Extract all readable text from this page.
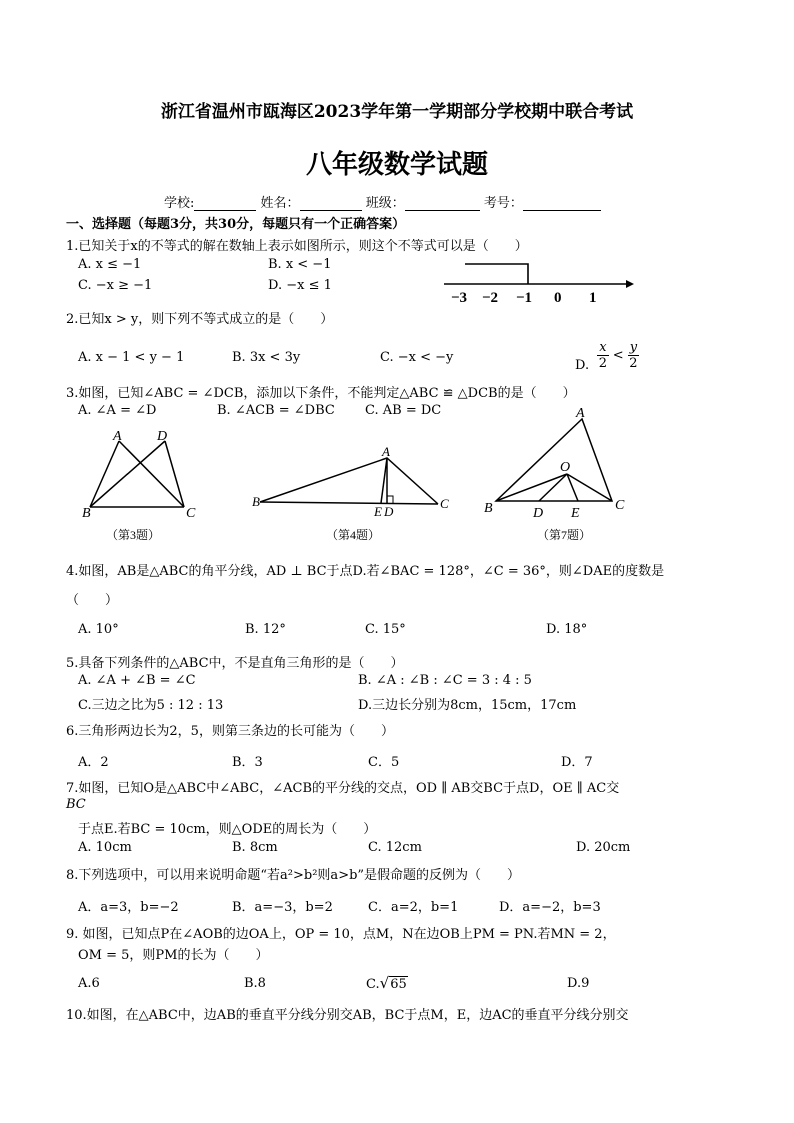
浙江省温州市瓯海区2023学年第一学期部分学校期中联合考试
八年级数学试题
学校:	姓名：	班级：	考号：
一、选择题（每题3分，共30分，每题只有一个正确答案）
1.已知关于x的不等式的解在数轴上表示如图所示，则这个不等式可以是（　　）
A. x ≤ −1	B. x < −1
C. −x ≥ −1	D. −x ≤ 1
−3 −2 −1 0 1
2.已知x > y，则下列不等式成立的是（　　）
A. x − 1 < y − 1	B. 3x < 3y	C. −x < −y
D. $\frac{x}{2} < \frac{y}{2}$
3.如图，已知∠ABC = ∠DCB，添加以下条件，不能判定△ABC ≌ △DCB的是（　　）
A. ∠A = ∠D	B. ∠ACB = ∠DBC C. AB = DC
A	D
B	C
（第3题）
A
B	C
E D
（第4题）
A
O
B	D E
C
（第7题）
4.如图，AB是△ABC的角平分线，AD ⊥ BC于点D.若∠BAC = 128°，∠C = 36°，则∠DAE的度数是
（　　）
A. 10°	B. 12°	C. 15°	D. 18°
5.具备下列条件的△ABC中，不是直角三角形的是（　　）
A. ∠A + ∠B = ∠C	B. ∠A : ∠B : ∠C = 3 : 4 : 5
C.三边之比为5 : 12 : 13	D.三边长分别为8cm，15cm，17cm
6.三角形两边长为2，5，则第三条边的长可能为（　　）
A．2	B．3	C．5	D．7
7.如图，已知O是△ABC中∠ABC，∠ACB的平分线的交点，OD ∥ AB交BC于点D，OE ∥ AC交
BC
于点E.若BC = 10cm，则△ODE的周长为（　　）
A. 10cm	B. 8cm	C. 12cm	D. 20cm
8.下列选项中，可以用来说明命题“若a²>b²则a>b”是假命题的反例为（　　）
A．a=3，b=−2	B．a=−3，b=2	C．a=2，b=1	D．a=−2，b=3
9. 如图，已知点P在∠AOB的边OA上，OP = 10，点M，N在边OB上PM = PN.若MN = 2，
OM = 5，则PM的长为（　　）
A.6	B.8	C.√65	D.9
10.如图，在△ABC中，边AB的垂直平分线分别交AB，BC于点M，E，边AC的垂直平分线分别交
